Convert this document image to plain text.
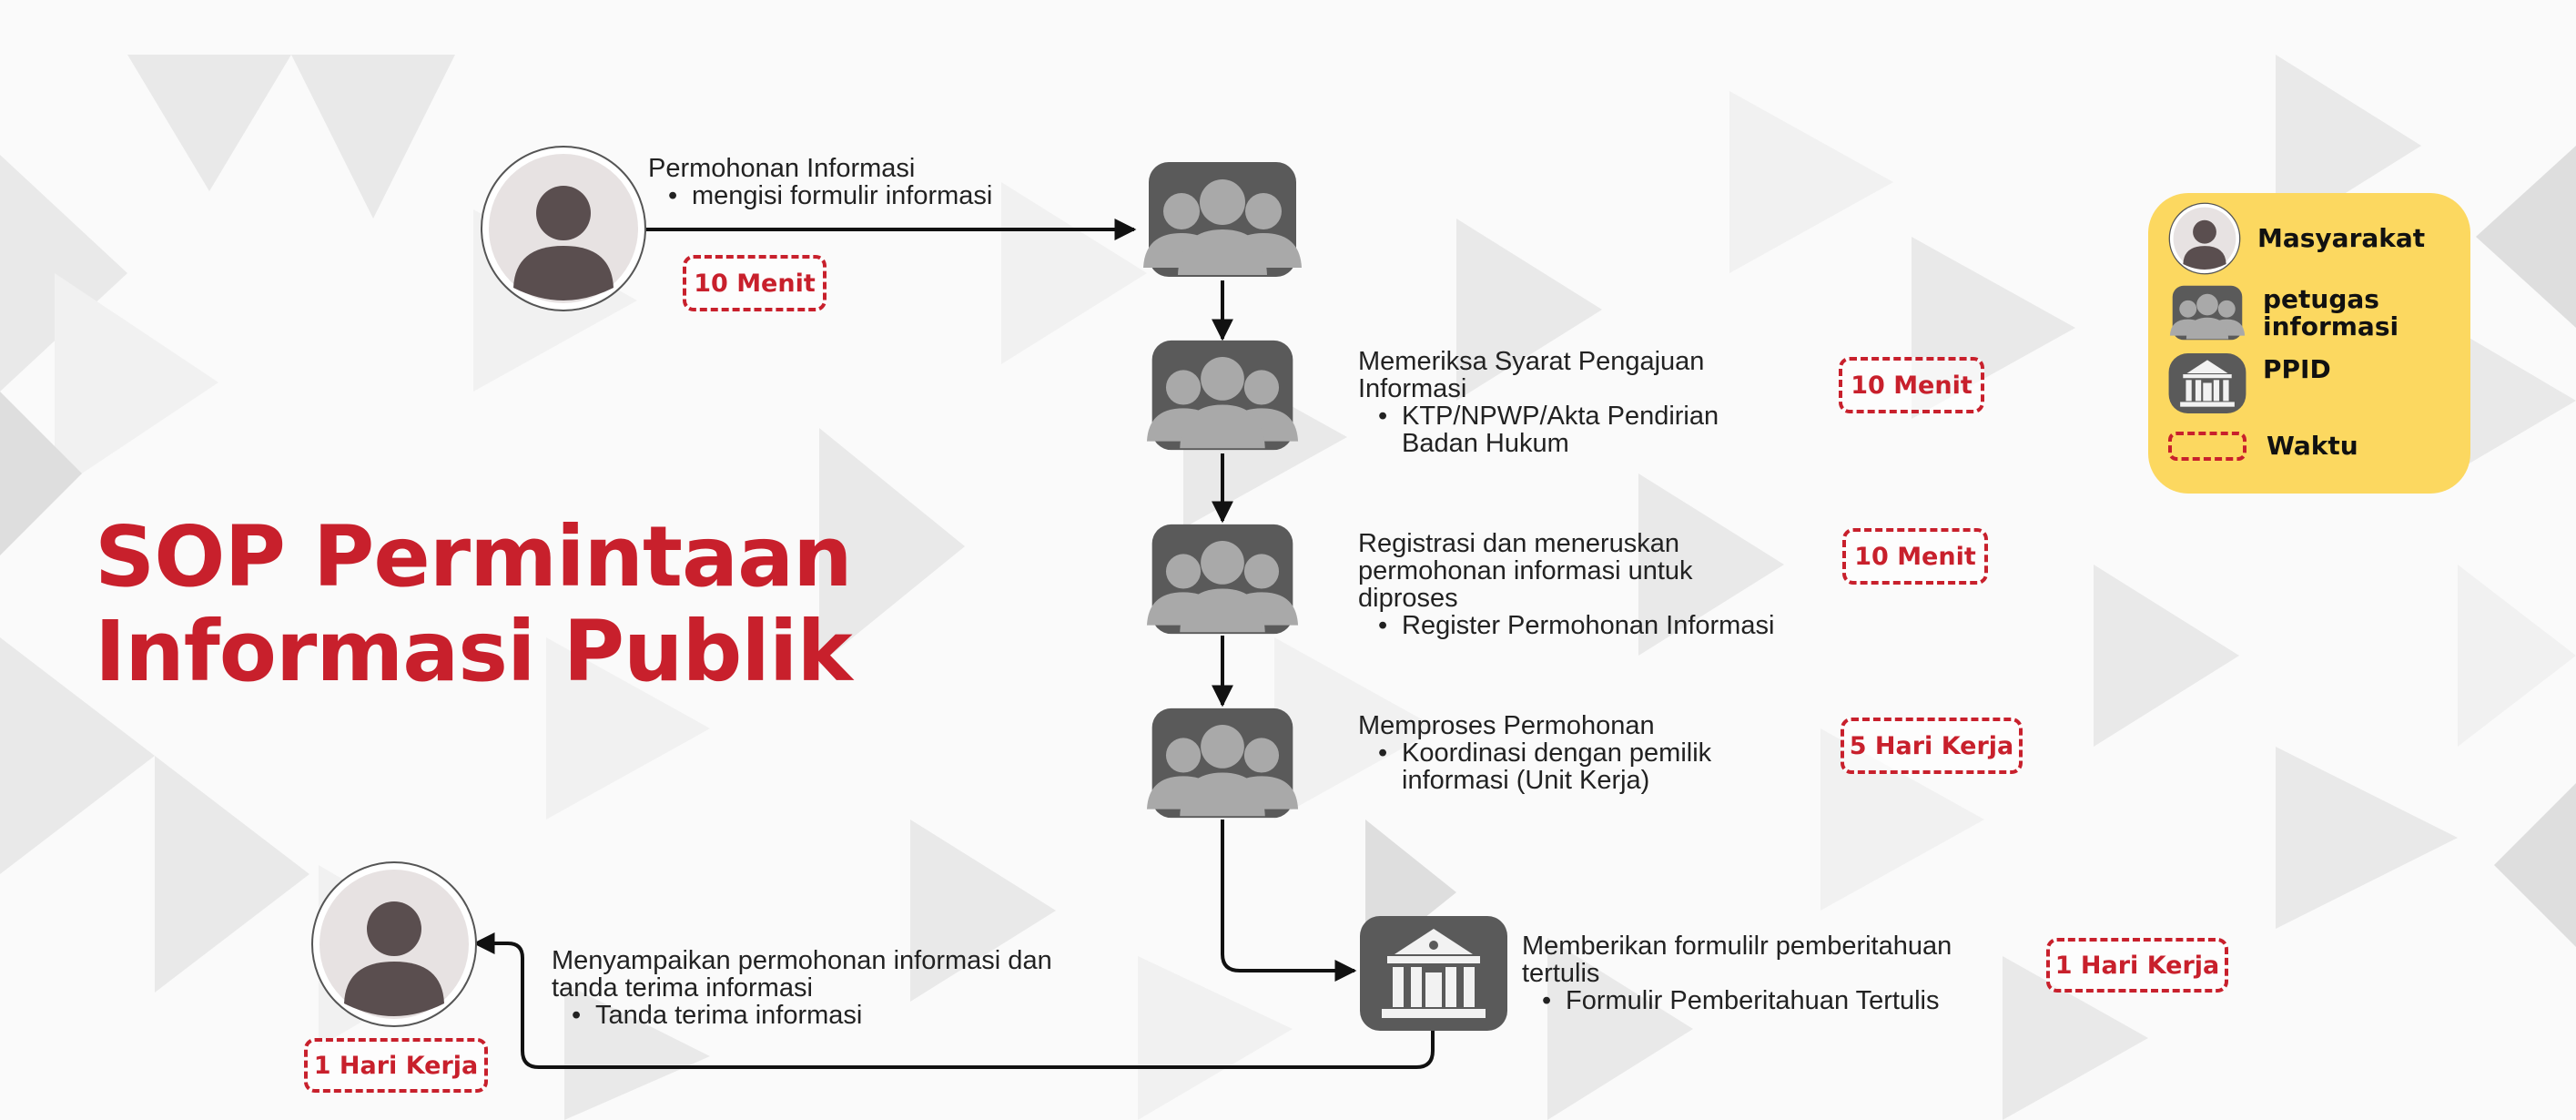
SOP Permintaan
Informasi Publik
Permohonan Informasi
• mengisi formulir informasi
Memeriksa Syarat Pengajuan Informasi
• KTP/NPWP/Akta Pendirian Badan Hukum
Registrasi dan meneruskan permohonan informasi untuk diproses
• Register Permohonan Informasi
Memproses Permohonan
• Koordinasi dengan pemilik informasi (Unit Kerja)
Memberikan formulilr pemberitahuan tertulis
• Formulir Pemberitahuan Tertulis
Menyampaikan permohonan informasi dan tanda terima informasi
• Tanda terima informasi
10 Menit
10 Menit
10 Menit
5 Hari Kerja
1 Hari Kerja
1 Hari Kerja
Masyarakat
petugas informasi
PPID
Waktu
